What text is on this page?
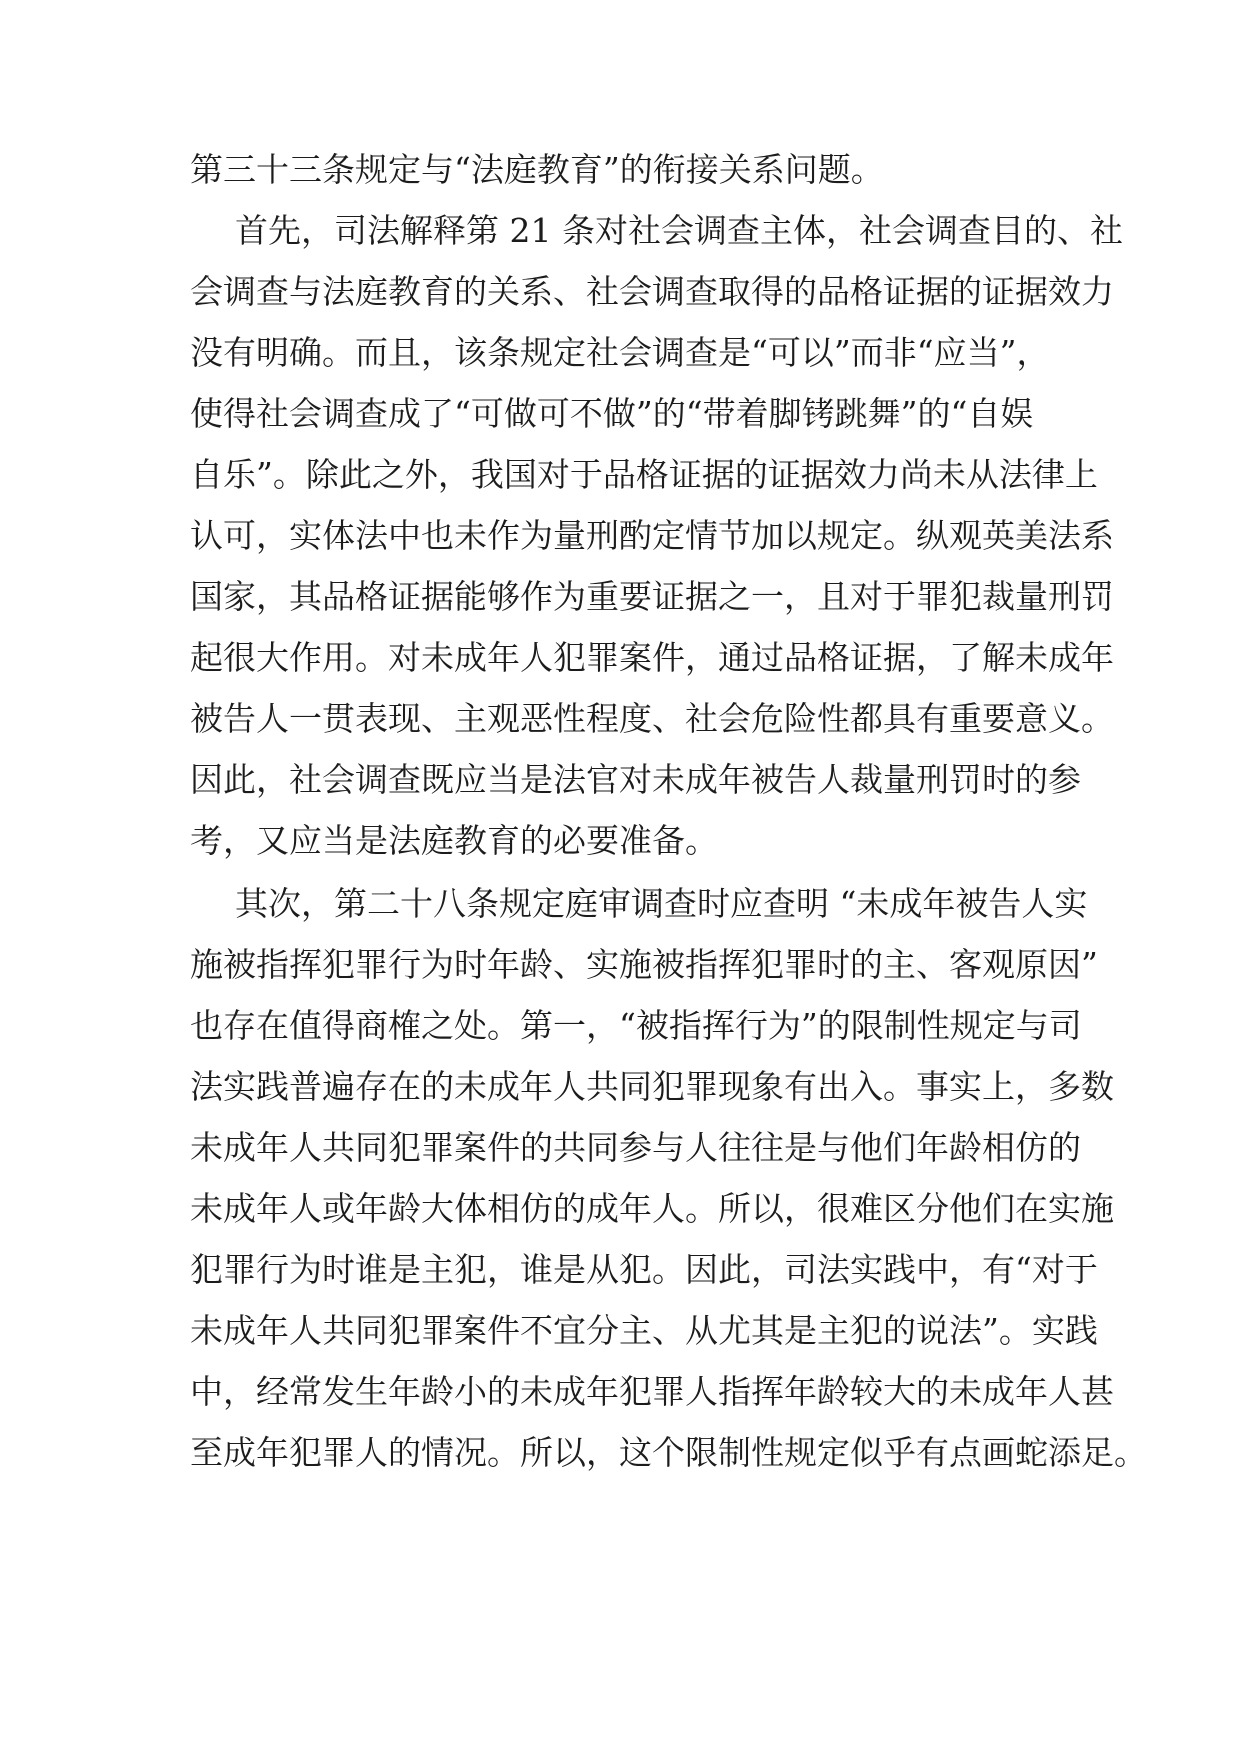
第三十三条规定与“法庭教育”的衔接关系问题。
首先，司法解释第 21 条对社会调查主体，社会调查目的、社
会调查与法庭教育的关系、社会调查取得的品格证据的证据效力
没有明确。而且，该条规定社会调查是“可以”而非“应当”，
使得社会调查成了“可做可不做”的“带着脚铐跳舞”的“自娱
自乐”。除此之外，我国对于品格证据的证据效力尚未从法律上
认可，实体法中也未作为量刑酌定情节加以规定。纵观英美法系
国家，其品格证据能够作为重要证据之一，且对于罪犯裁量刑罚
起很大作用。对未成年人犯罪案件，通过品格证据，了解未成年
被告人一贯表现、主观恶性程度、社会危险性都具有重要意义。
因此，社会调查既应当是法官对未成年被告人裁量刑罚时的参
考，又应当是法庭教育的必要准备。
其次，第二十八条规定庭审调查时应查明 “未成年被告人实
施被指挥犯罪行为时年龄、实施被指挥犯罪时的主、客观原因”
也存在值得商榷之处。第一，“被指挥行为”的限制性规定与司
法实践普遍存在的未成年人共同犯罪现象有出入。事实上，多数
未成年人共同犯罪案件的共同参与人往往是与他们年龄相仿的
未成年人或年龄大体相仿的成年人。所以，很难区分他们在实施
犯罪行为时谁是主犯，谁是从犯。因此，司法实践中，有“对于
未成年人共同犯罪案件不宜分主、从尤其是主犯的说法”。实践
中，经常发生年龄小的未成年犯罪人指挥年龄较大的未成年人甚
至成年犯罪人的情况。所以，这个限制性规定似乎有点画蛇添足。
